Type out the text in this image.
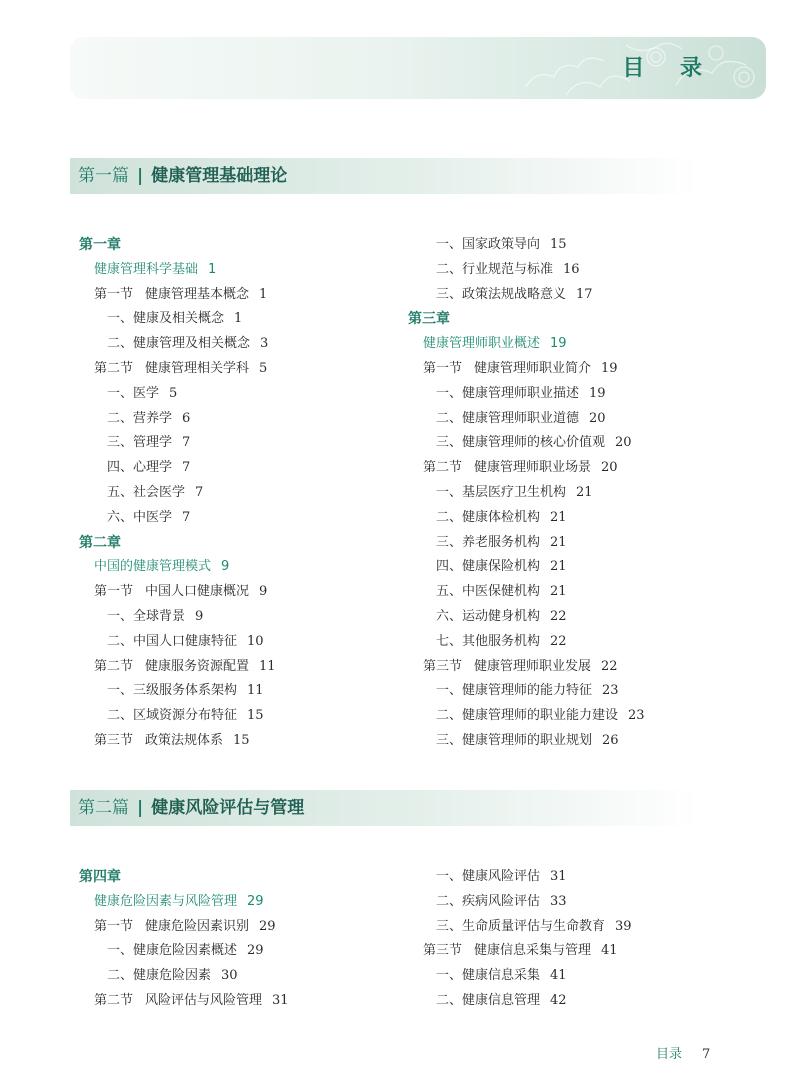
目 录
第一篇 | 健康管理基础理论
第一章
健康管理科学基础 1
第一节 健康管理基本概念 1
一、健康及相关概念 1
二、健康管理及相关概念 3
第二节 健康管理相关学科 5
一、医学 5
二、营养学 6
三、管理学 7
四、心理学 7
五、社会医学 7
六、中医学 7
第二章
中国的健康管理模式 9
第一节 中国人口健康概况 9
一、全球背景 9
二、中国人口健康特征 10
第二节 健康服务资源配置 11
一、三级服务体系架构 11
二、区域资源分布特征 15
第三节 政策法规体系 15
一、国家政策导向 15
二、行业规范与标准 16
三、政策法规战略意义 17
第三章
健康管理师职业概述 19
第一节 健康管理师职业简介 19
一、健康管理师职业描述 19
二、健康管理师职业道德 20
三、健康管理师的核心价值观 20
第二节 健康管理师职业场景 20
一、基层医疗卫生机构 21
二、健康体检机构 21
三、养老服务机构 21
四、健康保险机构 21
五、中医保健机构 21
六、运动健身机构 22
七、其他服务机构 22
第三节 健康管理师职业发展 22
一、健康管理师的能力特征 23
二、健康管理师的职业能力建设 23
三、健康管理师的职业规划 26
第二篇 | 健康风险评估与管理
第四章
健康危险因素与风险管理 29
第一节 健康危险因素识别 29
一、健康危险因素概述 29
二、健康危险因素 30
第二节 风险评估与风险管理 31
一、健康风险评估 31
二、疾病风险评估 33
三、生命质量评估与生命教育 39
第三节 健康信息采集与管理 41
一、健康信息采集 41
二、健康信息管理 42
目录 7
